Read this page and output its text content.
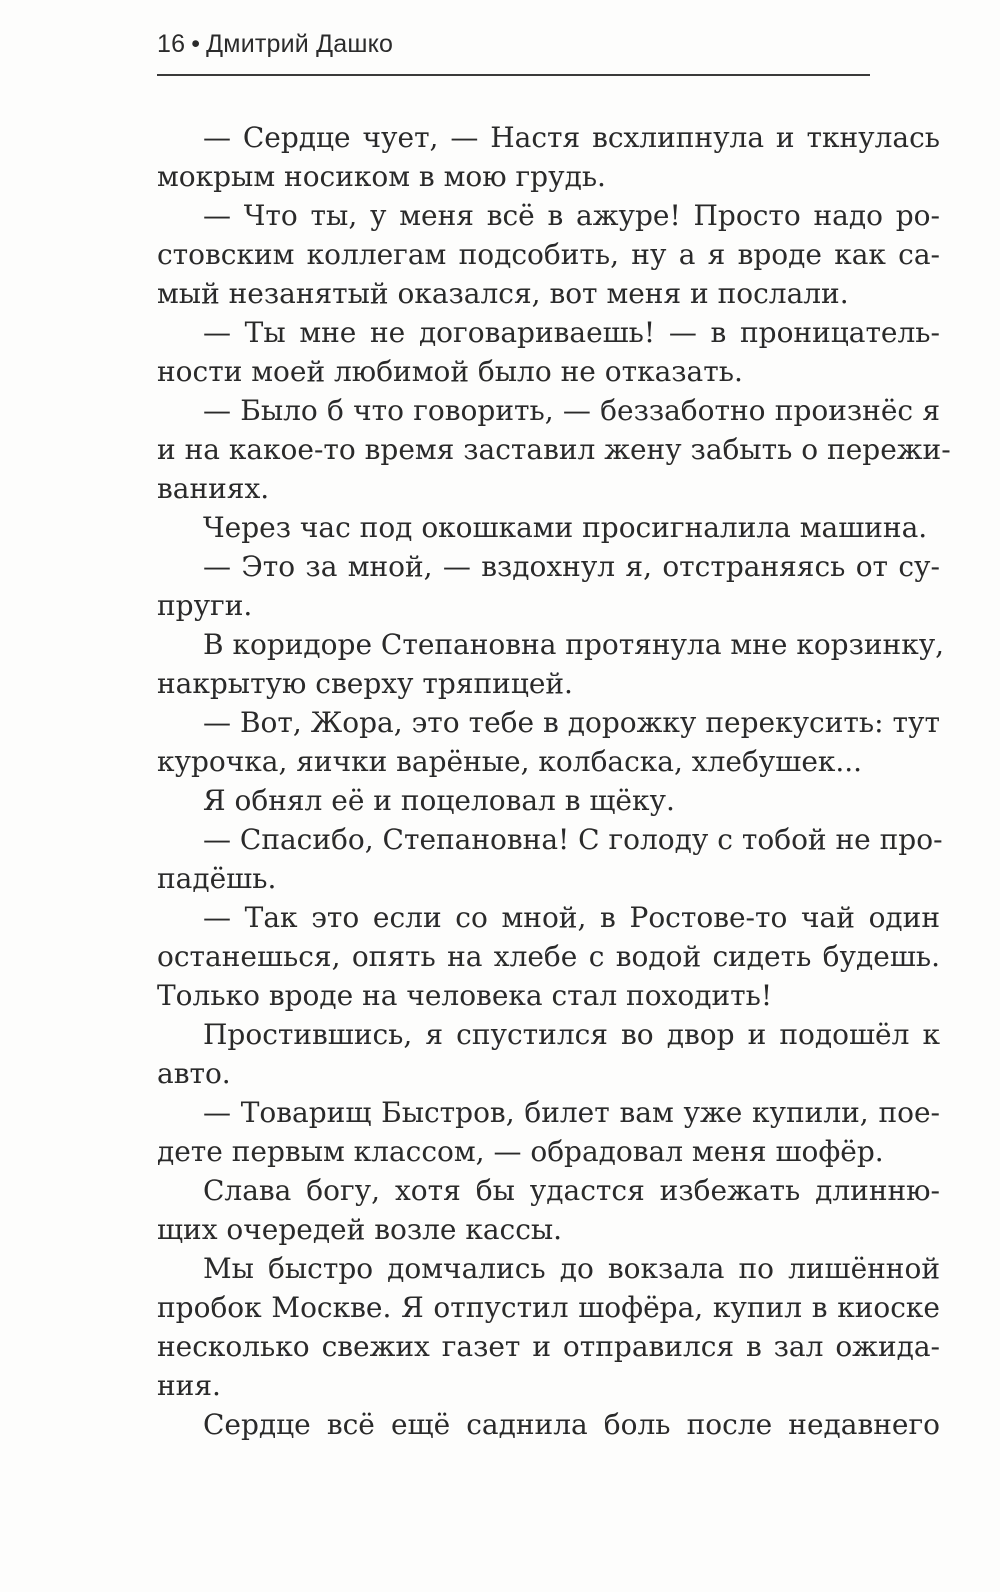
16 • Дмитрий Дашко
— Сердце чует, — Настя всхлипнула и ткнулась
мокрым носиком в мою грудь.
— Что ты, у меня всё в ажуре! Просто надо ро-
стовским коллегам подсобить, ну а я вроде как са-
мый незанятый оказался, вот меня и послали.
— Ты мне не договариваешь! — в проницатель-
ности моей любимой было не отказать.
— Было б что говорить, — беззаботно произнёс я
и на какое-то время заставил жену забыть о пережи-
ваниях.
Через час под окошками просигналила машина.
— Это за мной, — вздохнул я, отстраняясь от су-
пруги.
В коридоре Степановна протянула мне корзинку,
накрытую сверху тряпицей.
— Вот, Жора, это тебе в дорожку перекусить: тут
курочка, яички варёные, колбаска, хлебушек...
Я обнял её и поцеловал в щёку.
— Спасибо, Степановна! С голоду с тобой не про-
падёшь.
— Так это если со мной, в Ростове-то чай один
останешься, опять на хлебе с водой сидеть будешь.
Только вроде на человека стал походить!
Простившись, я спустился во двор и подошёл к
авто.
— Товарищ Быстров, билет вам уже купили, пое-
дете первым классом, — обрадовал меня шофёр.
Слава богу, хотя бы удастся избежать длинню-
щих очередей возле кассы.
Мы быстро домчались до вокзала по лишённой
пробок Москве. Я отпустил шофёра, купил в киоске
несколько свежих газет и отправился в зал ожида-
ния.
Сердце всё ещё саднила боль после недавнего
